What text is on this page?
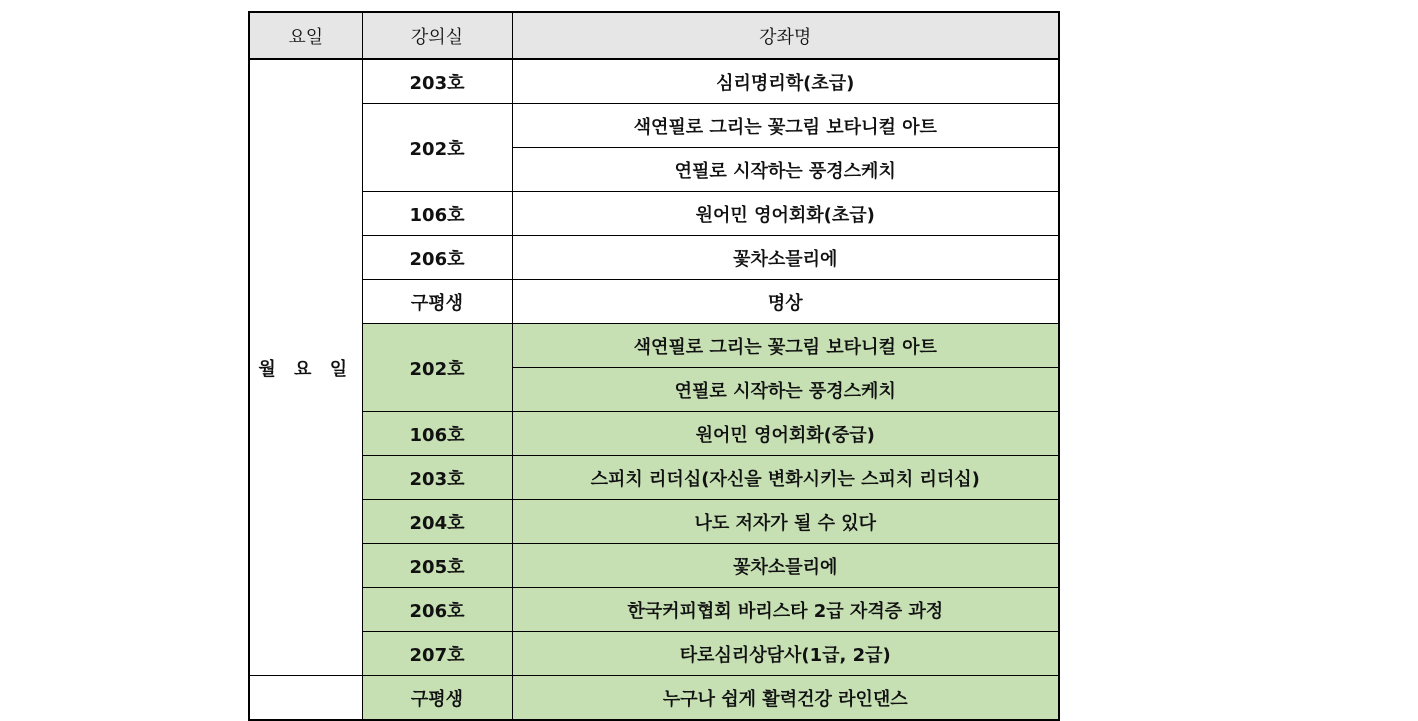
요일	강의실	강좌명
월 요 일	203호	심리명리학(초급)
	202호	색연필로 그리는 꽃그림 보타니컬 아트
		연필로 시작하는 풍경스케치
	106호	원어민 영어회화(초급)
	206호	꽃차소믈리에
	구평생	명상
	202호	색연필로 그리는 꽃그림 보타니컬 아트
		연필로 시작하는 풍경스케치
	106호	원어민 영어회화(중급)
	203호	스피치 리더십(자신을 변화시키는 스피치 리더십)
	204호	나도 저자가 될 수 있다
	205호	꽃차소믈리에
	206호	한국커피협회 바리스타 2급 자격증 과정
	207호	타로심리상담사(1급, 2급)
	구평생	누구나 쉽게 활력건강 라인댄스
